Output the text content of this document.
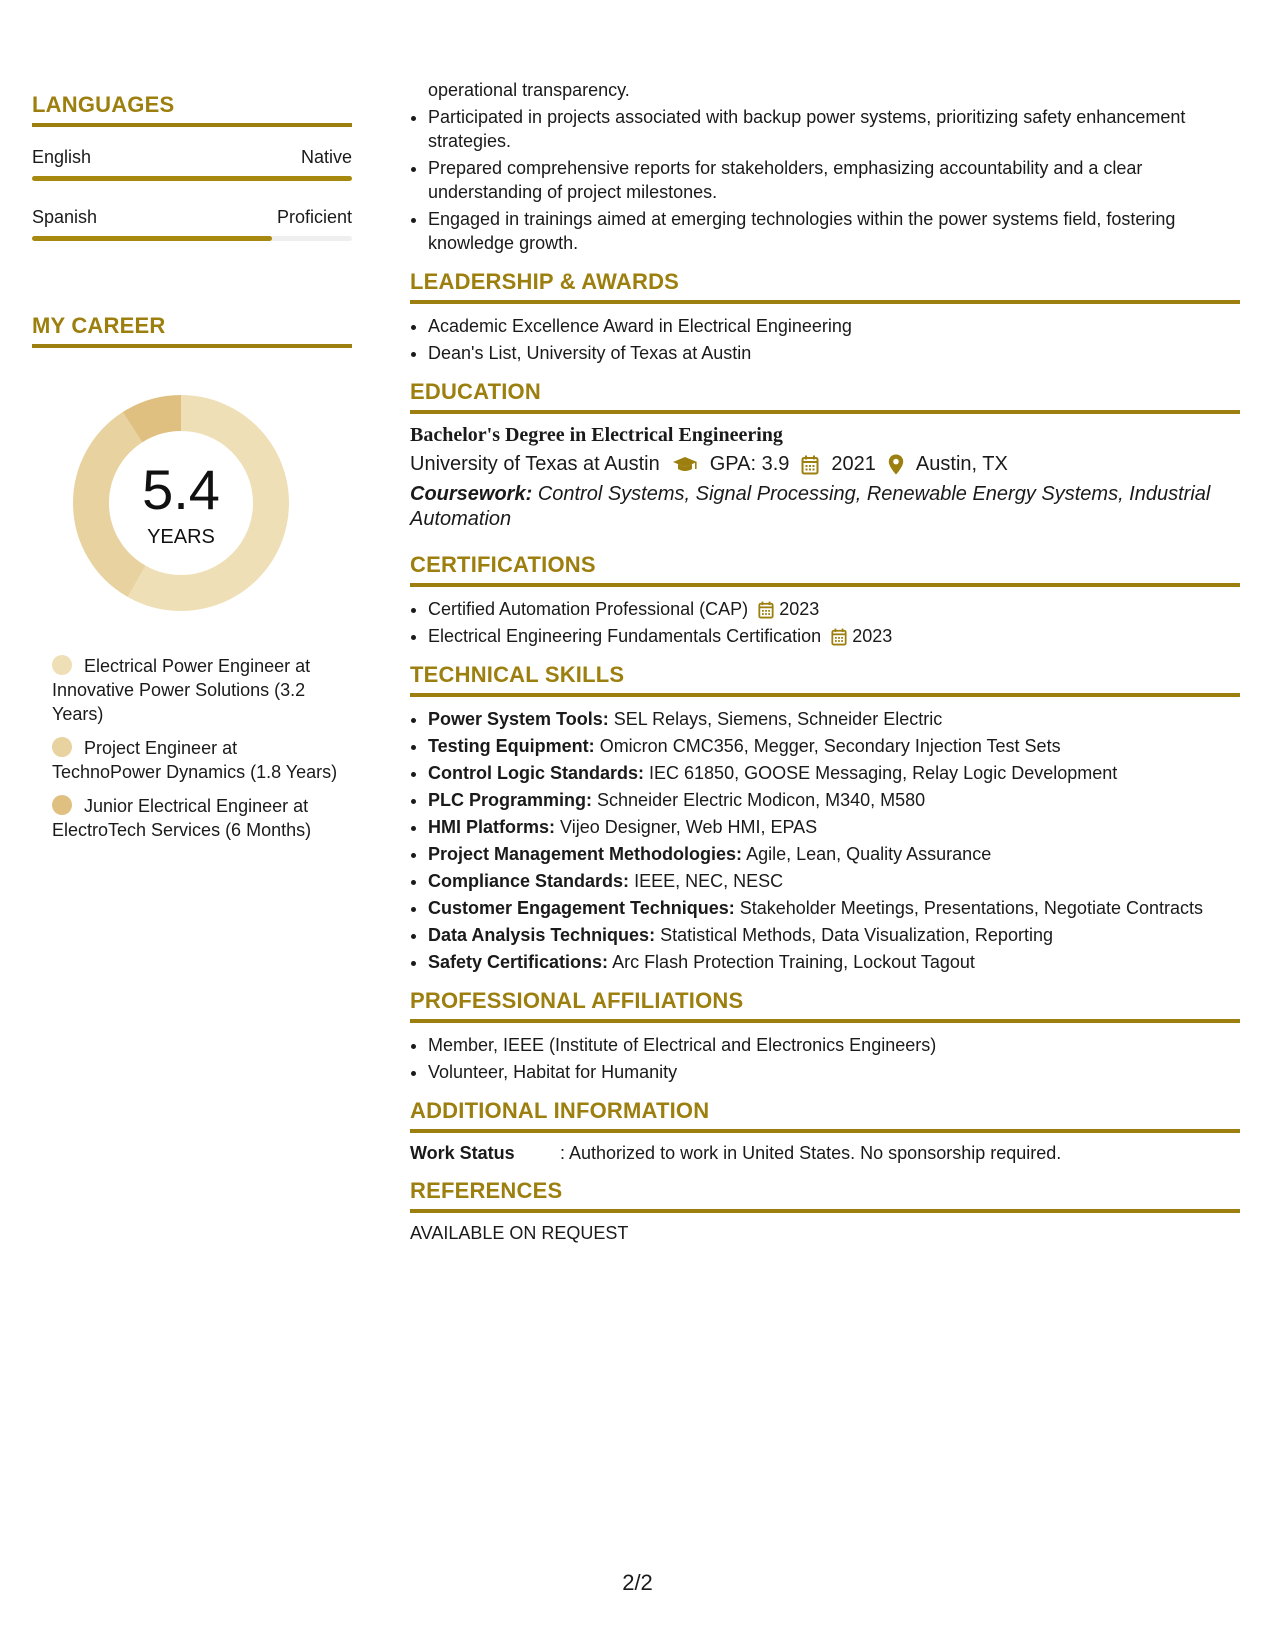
LANGUAGES
English	Native
Spanish	Proficient
MY CAREER
5.4
YEARS
Electrical Power Engineer at Innovative Power Solutions (3.2 Years)
Project Engineer at TechnoPower Dynamics (1.8 Years)
Junior Electrical Engineer at ElectroTech Services (6 Months)
operational transparency.
• Participated in projects associated with backup power systems, prioritizing safety enhancement strategies.
• Prepared comprehensive reports for stakeholders, emphasizing accountability and a clear understanding of project milestones.
• Engaged in trainings aimed at emerging technologies within the power systems field, fostering knowledge growth.
LEADERSHIP & AWARDS
• Academic Excellence Award in Electrical Engineering
• Dean's List, University of Texas at Austin
EDUCATION
Bachelor's Degree in Electrical Engineering
University of Texas at Austin	GPA: 3.9 2021 Austin, TX
Coursework: Control Systems, Signal Processing, Renewable Energy Systems, Industrial Automation
CERTIFICATIONS
• Certified Automation Professional (CAP) 2023
• Electrical Engineering Fundamentals Certification 2023
TECHNICAL SKILLS
• Power System Tools: SEL Relays, Siemens, Schneider Electric
• Testing Equipment: Omicron CMC356, Megger, Secondary Injection Test Sets
• Control Logic Standards: IEC 61850, GOOSE Messaging, Relay Logic Development
• PLC Programming: Schneider Electric Modicon, M340, M580
• HMI Platforms: Vijeo Designer, Web HMI, EPAS
• Project Management Methodologies: Agile, Lean, Quality Assurance
• Compliance Standards: IEEE, NEC, NESC
• Customer Engagement Techniques: Stakeholder Meetings, Presentations, Negotiate Contracts
• Data Analysis Techniques: Statistical Methods, Data Visualization, Reporting
• Safety Certifications: Arc Flash Protection Training, Lockout Tagout
PROFESSIONAL AFFILIATIONS
• Member, IEEE (Institute of Electrical and Electronics Engineers)
• Volunteer, Habitat for Humanity
ADDITIONAL INFORMATION
Work Status	: Authorized to work in United States. No sponsorship required.
REFERENCES
AVAILABLE ON REQUEST
2/2
